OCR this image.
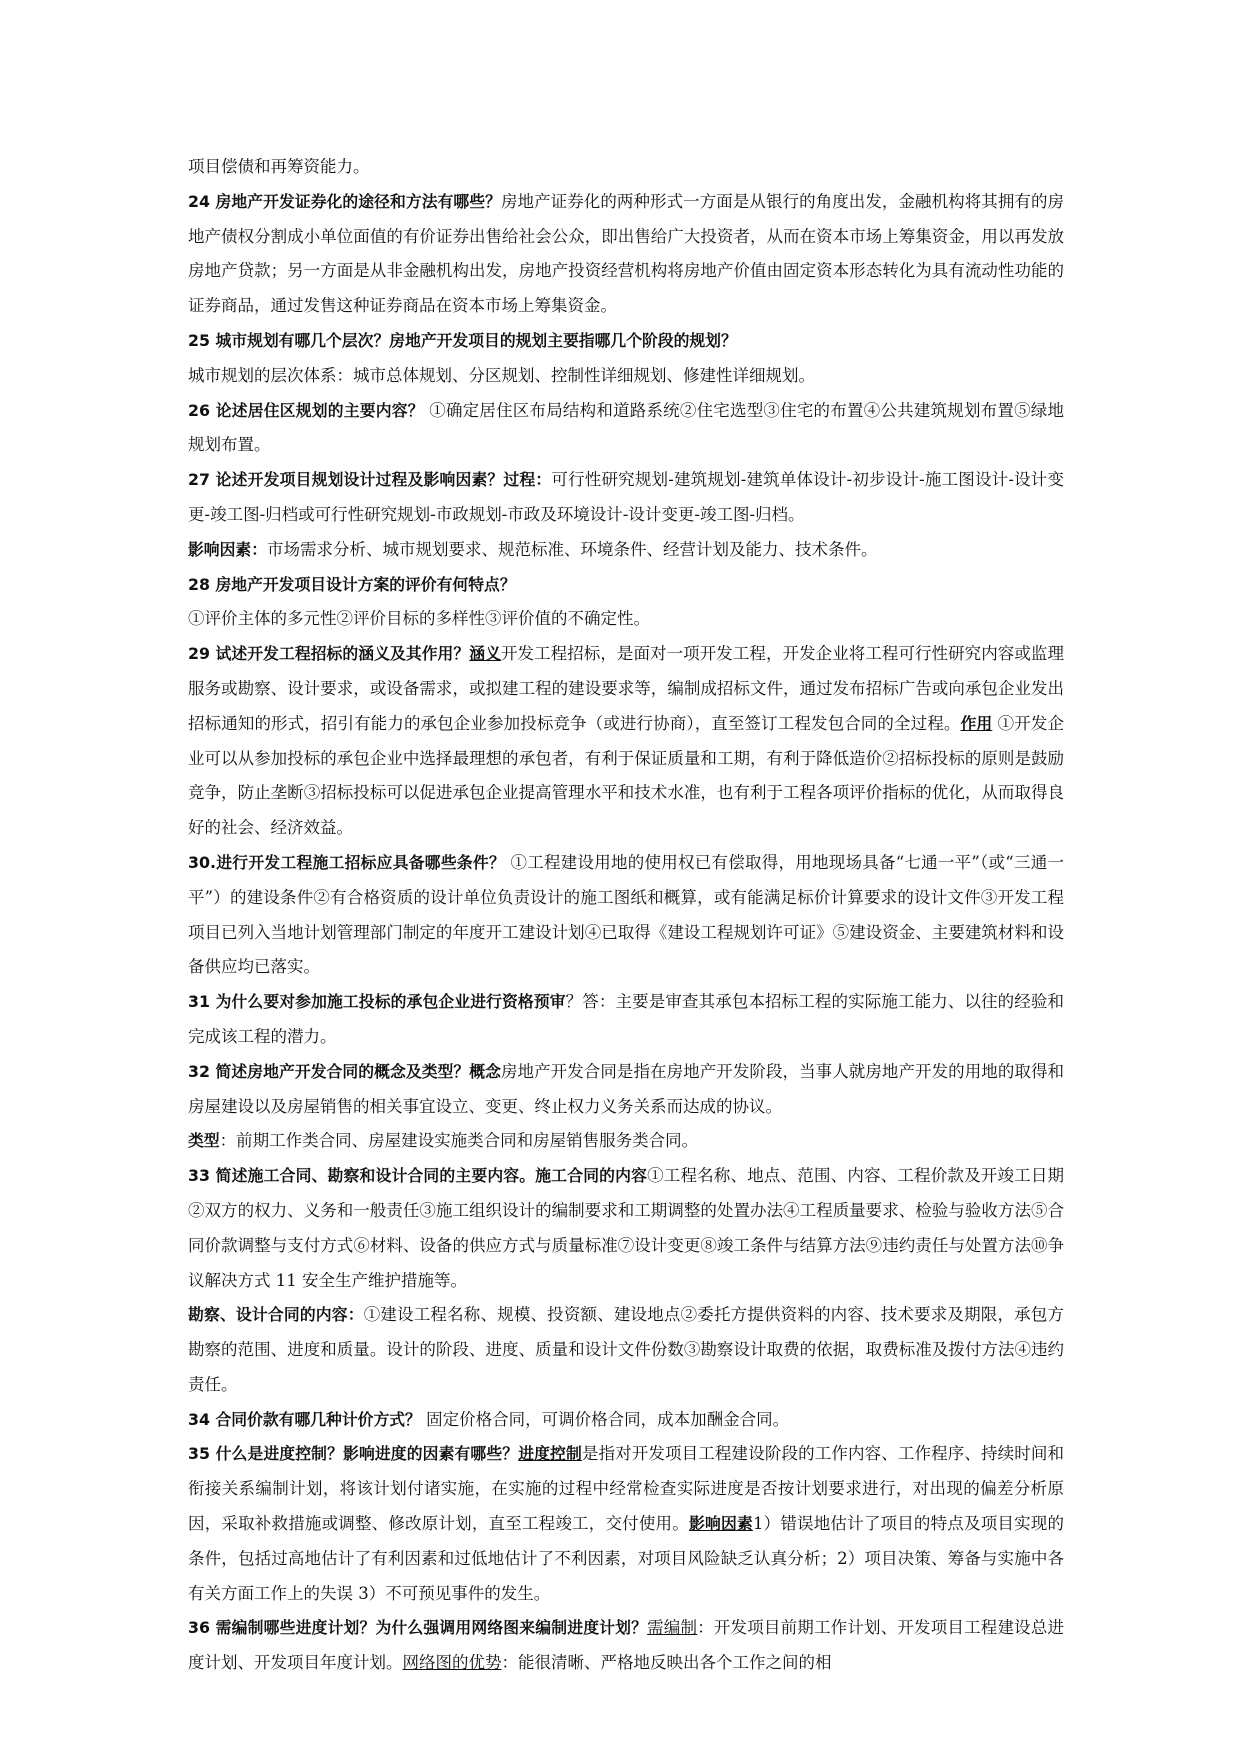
项目偿债和再筹资能力。

24 房地产开发证券化的途径和方法有哪些？房地产证券化的两种形式一方面是从银行的角度出发，金融机构将其拥有的房地产债权分割成小单位面值的有价证券出售给社会公众，即出售给广大投资者，从而在资本市场上筹集资金，用以再发放房地产贷款；另一方面是从非金融机构出发，房地产投资经营机构将房地产价值由固定资本形态转化为具有流动性功能的证券商品，通过发售这种证券商品在资本市场上筹集资金。

25 城市规划有哪几个层次？房地产开发项目的规划主要指哪几个阶段的规划？

城市规划的层次体系：城市总体规划、分区规划、控制性详细规划、修建性详细规划。

26 论述居住区规划的主要内容？ ①确定居住区布局结构和道路系统②住宅选型③住宅的布置④公共建筑规划布置⑤绿地规划布置。

27 论述开发项目规划设计过程及影响因素？过程：可行性研究规划-建筑规划-建筑单体设计-初步设计-施工图设计-设计变更-竣工图-归档或可行性研究规划-市政规划-市政及环境设计-设计变更-竣工图-归档。

影响因素：市场需求分析、城市规划要求、规范标准、环境条件、经营计划及能力、技术条件。

28 房地产开发项目设计方案的评价有何特点？

①评价主体的多元性②评价目标的多样性③评价值的不确定性。

29 试述开发工程招标的涵义及其作用？涵义开发工程招标，是面对一项开发工程，开发企业将工程可行性研究内容或监理服务或勘察、设计要求，或设备需求，或拟建工程的建设要求等，编制成招标文件，通过发布招标广告或向承包企业发出招标通知的形式，招引有能力的承包企业参加投标竞争（或进行协商），直至签订工程发包合同的全过程。作用 ①开发企业可以从参加投标的承包企业中选择最理想的承包者，有利于保证质量和工期，有利于降低造价②招标投标的原则是鼓励竞争，防止垄断③招标投标可以促进承包企业提高管理水平和技术水准，也有利于工程各项评价指标的优化，从而取得良好的社会、经济效益。

30.进行开发工程施工招标应具备哪些条件？ ①工程建设用地的使用权已有偿取得，用地现场具备“七通一平”（或“三通一平”）的建设条件②有合格资质的设计单位负责设计的施工图纸和概算，或有能满足标价计算要求的设计文件③开发工程项目已列入当地计划管理部门制定的年度开工建设计划④已取得《建设工程规划许可证》⑤建设资金、主要建筑材料和设备供应均已落实。

31 为什么要对参加施工投标的承包企业进行资格预审？答：主要是审查其承包本招标工程的实际施工能力、以往的经验和完成该工程的潜力。

32 简述房地产开发合同的概念及类型？概念房地产开发合同是指在房地产开发阶段，当事人就房地产开发的用地的取得和房屋建设以及房屋销售的相关事宜设立、变更、终止权力义务关系而达成的协议。

类型：前期工作类合同、房屋建设实施类合同和房屋销售服务类合同。

33 简述施工合同、勘察和设计合同的主要内容。施工合同的内容①工程名称、地点、范围、内容、工程价款及开竣工日期②双方的权力、义务和一般责任③施工组织设计的编制要求和工期调整的处置办法④工程质量要求、检验与验收方法⑤合同价款调整与支付方式⑥材料、设备的供应方式与质量标准⑦设计变更⑧竣工条件与结算方法⑨违约责任与处置方法⑩争议解决方式 11 安全生产维护措施等。

勘察、设计合同的内容：①建设工程名称、规模、投资额、建设地点②委托方提供资料的内容、技术要求及期限，承包方勘察的范围、进度和质量。设计的阶段、进度、质量和设计文件份数③勘察设计取费的依据，取费标准及拨付方法④违约责任。

34 合同价款有哪几种计价方式？ 固定价格合同，可调价格合同，成本加酬金合同。

35 什么是进度控制？影响进度的因素有哪些？进度控制是指对开发项目工程建设阶段的工作内容、工作程序、持续时间和衔接关系编制计划，将该计划付诸实施，在实施的过程中经常检查实际进度是否按计划要求进行，对出现的偏差分析原因，采取补救措施或调整、修改原计划，直至工程竣工，交付使用。影响因素1）错误地估计了项目的特点及项目实现的条件，包括过高地估计了有利因素和过低地估计了不利因素，对项目风险缺乏认真分析；2）项目决策、筹备与实施中各有关方面工作上的失误 3）不可预见事件的发生。

36 需编制哪些进度计划？为什么强调用网络图来编制进度计划？需编制：开发项目前期工作计划、开发项目工程建设总进度计划、开发项目年度计划。网络图的优势：能很清晰、严格地反映出各个工作之间的相
